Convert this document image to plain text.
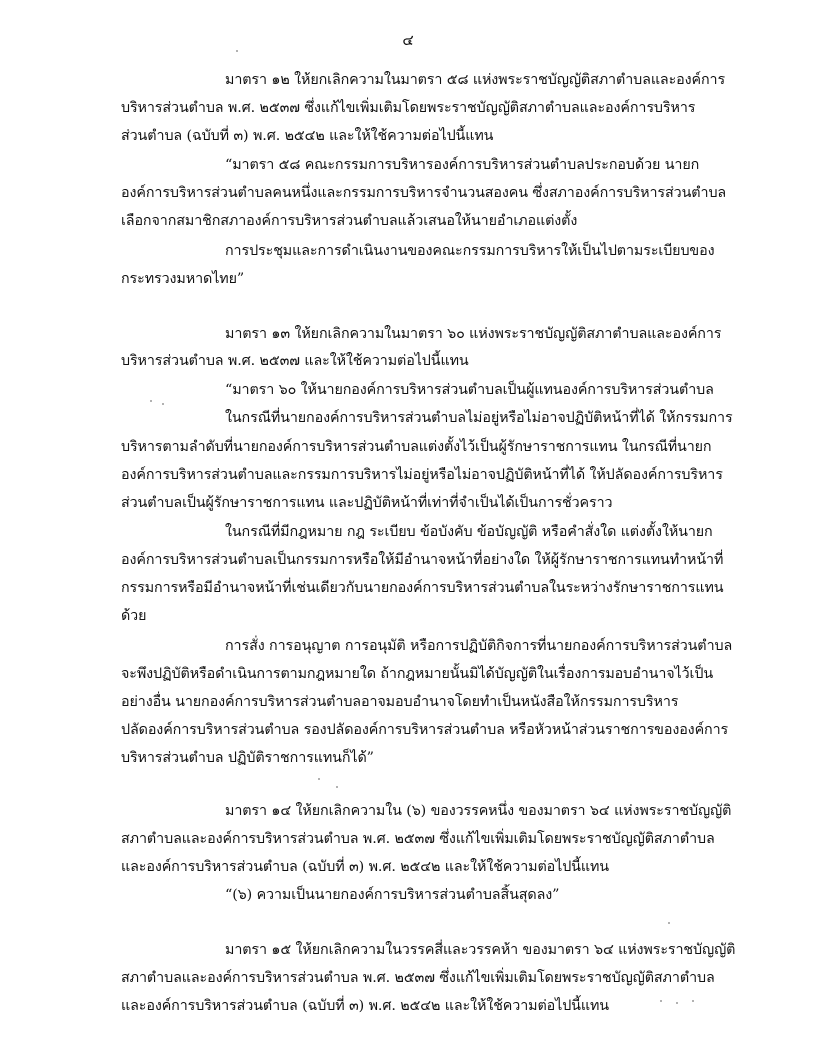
๔
มาตรา ๑๒ ให้ยกเลิกความในมาตรา ๕๘ แห่งพระราชบัญญัติสภาตำบลและองค์การ
บริหารส่วนตำบล พ.ศ. ๒๕๓๗ ซึ่งแก้ไขเพิ่มเติมโดยพระราชบัญญัติสภาตำบลและองค์การบริหาร
ส่วนตำบล (ฉบับที่ ๓) พ.ศ. ๒๕๔๒ และให้ใช้ความต่อไปนี้แทน
“มาตรา ๕๘ คณะกรรมการบริหารองค์การบริหารส่วนตำบลประกอบด้วย นายก
องค์การบริหารส่วนตำบลคนหนึ่งและกรรมการบริหารจำนวนสองคน ซึ่งสภาองค์การบริหารส่วนตำบล
เลือกจากสมาชิกสภาองค์การบริหารส่วนตำบลแล้วเสนอให้นายอำเภอแต่งตั้ง
การประชุมและการดำเนินงานของคณะกรรมการบริหารให้เป็นไปตามระเบียบของ
กระทรวงมหาดไทย”
มาตรา ๑๓ ให้ยกเลิกความในมาตรา ๖๐ แห่งพระราชบัญญัติสภาตำบลและองค์การ
บริหารส่วนตำบล พ.ศ. ๒๕๓๗ และให้ใช้ความต่อไปนี้แทน
“มาตรา ๖๐ ให้นายกองค์การบริหารส่วนตำบลเป็นผู้แทนองค์การบริหารส่วนตำบล
ในกรณีที่นายกองค์การบริหารส่วนตำบลไม่อยู่หรือไม่อาจปฏิบัติหน้าที่ได้ ให้กรรมการ
บริหารตามลำดับที่นายกองค์การบริหารส่วนตำบลแต่งตั้งไว้เป็นผู้รักษาราชการแทน ในกรณีที่นายก
องค์การบริหารส่วนตำบลและกรรมการบริหารไม่อยู่หรือไม่อาจปฏิบัติหน้าที่ได้ ให้ปลัดองค์การบริหาร
ส่วนตำบลเป็นผู้รักษาราชการแทน และปฏิบัติหน้าที่เท่าที่จำเป็นได้เป็นการชั่วคราว
ในกรณีที่มีกฎหมาย กฎ ระเบียบ ข้อบังคับ ข้อบัญญัติ หรือคำสั่งใด แต่งตั้งให้นายก
องค์การบริหารส่วนตำบลเป็นกรรมการหรือให้มีอำนาจหน้าที่อย่างใด ให้ผู้รักษาราชการแทนทำหน้าที่
กรรมการหรือมีอำนาจหน้าที่เช่นเดียวกับนายกองค์การบริหารส่วนตำบลในระหว่างรักษาราชการแทน
ด้วย
การสั่ง การอนุญาต การอนุมัติ หรือการปฏิบัติกิจการที่นายกองค์การบริหารส่วนตำบล
จะพึงปฏิบัติหรือดำเนินการตามกฎหมายใด ถ้ากฎหมายนั้นมิได้บัญญัติในเรื่องการมอบอำนาจไว้เป็น
อย่างอื่น นายกองค์การบริหารส่วนตำบลอาจมอบอำนาจโดยทำเป็นหนังสือให้กรรมการบริหาร
ปลัดองค์การบริหารส่วนตำบล รองปลัดองค์การบริหารส่วนตำบล หรือหัวหน้าส่วนราชการขององค์การ
บริหารส่วนตำบล ปฏิบัติราชการแทนก็ได้”
มาตรา ๑๔ ให้ยกเลิกความใน (๖) ของวรรคหนึ่ง ของมาตรา ๖๔ แห่งพระราชบัญญัติ
สภาตำบลและองค์การบริหารส่วนตำบล พ.ศ. ๒๕๓๗ ซึ่งแก้ไขเพิ่มเติมโดยพระราชบัญญัติสภาตำบล
และองค์การบริหารส่วนตำบล (ฉบับที่ ๓) พ.ศ. ๒๕๔๒ และให้ใช้ความต่อไปนี้แทน
“(๖) ความเป็นนายกองค์การบริหารส่วนตำบลสิ้นสุดลง”
มาตรา ๑๕ ให้ยกเลิกความในวรรคสี่และวรรคห้า ของมาตรา ๖๔ แห่งพระราชบัญญัติ
สภาตำบลและองค์การบริหารส่วนตำบล พ.ศ. ๒๕๓๗ ซึ่งแก้ไขเพิ่มเติมโดยพระราชบัญญัติสภาตำบล
และองค์การบริหารส่วนตำบล (ฉบับที่ ๓) พ.ศ. ๒๕๔๒ และให้ใช้ความต่อไปนี้แทน
